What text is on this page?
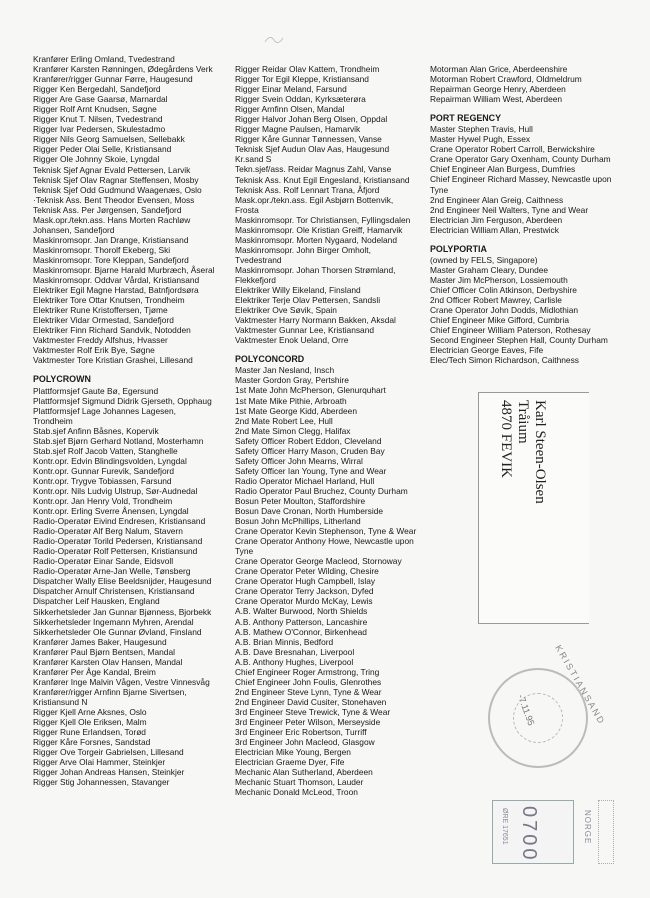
Kranfører Erling Omland, Tvedestrand
Kranfører Karsten Rønningen, Ødegårdens Verk
Kranfører/rigger Gunnar Førre, Haugesund
Rigger Ken Bergedahl, Sandefjord
Rigger Are Gase Gaarsø, Marnardal
Rigger Rolf Arnt Knudsen, Søgne
Rigger Knut T. Nilsen, Tvedestrand
Rigger Ivar Pedersen, Skulestadmo
Rigger Nils Georg Samuelsen, Sellebakk
Rigger Peder Olai Selle, Kristiansand
Rigger Ole Johnny Skoie, Lyngdal
Teknisk Sjef Agnar Evald Pettersen, Larvik
Teknisk Sjef Olav Ragnar Steffensen, Mosby
Teknisk Sjef Odd Gudmund Waagenæs, Oslo
·Teknisk Ass. Bent Theodor Evensen, Moss
Teknisk Ass. Per Jørgensen, Sandefjord
Mask.opr./tekn.ass. Hans Morten Rachløw
Johansen, Sandefjord
Maskinromsopr. Jan Drange, Kristiansand
Maskinromsopr. Thorolf Ekeberg, Ski
Maskinromsopr. Tore Kleppan, Sandefjord
Maskinromsopr. Bjarne Harald Murbræch, Åseral
Maskinromsopr. Oddvar Vårdal, Kristiansand
Elektriker Egil Magne Harstad, Batnfjordsøra
Elektriker Tore Ottar Knutsen, Trondheim
Elektriker Rune Kristoffersen, Tjøme
Elektriker Vidar Ormestad, Sandefjord
Elektriker Finn Richard Sandvik, Notodden
Vaktmester Freddy Alfshus, Hvasser
Vaktmester Rolf Erik Bye, Søgne
Vaktmester Tore Kristian Grashei, Lillesand
POLYCROWN
Plattformsjef Gaute Bø, Egersund
Plattformsjef Sigmund Didrik Gjerseth, Opphaug
Plattformsjef Lage Johannes Lagesen,
Trondheim
Stab.sjef Anfinn Båsnes, Kopervik
Stab.sjef Bjørn Gerhard Notland, Mosterhamn
Stab.sjef Rolf Jacob Vatten, Stanghelle
Kontr.opr. Edvin Blindingsvolden, Lyngdal
Kontr.opr. Gunnar Furevik, Sandefjord
Kontr.opr. Trygve Tobiassen, Farsund
Kontr.opr. Nils Ludvig Ulstrup, Sør-Audnedal
Kontr.opr. Jan Henry Vold, Trondheim
Kontr.opr. Erling Sverre Ånensen, Lyngdal
Radio-Operatør Eivind Endresen, Kristiansand
Radio-Operatør Alf Berg Nalum, Stavern
Radio-Operatør Torild Pedersen, Kristiansand
Radio-Operatør Rolf Pettersen, Kristiansund
Radio-Operatør Einar Sande, Eidsvoll
Radio-Operatør Arne-Jan Welle, Tønsberg
Dispatcher Wally Elise Beeldsnijder, Haugesund
Dispatcher Arnulf Christensen, Kristiansand
Dispatcher Leif Hausken, England
Sikkerhetsleder Jan Gunnar Bjønness, Bjorbekk
Sikkerhetsleder Ingemann Myhren, Arendal
Sikkerhetsleder Ole Gunnar Øvland, Finsland
Kranfører James Baker, Haugesund
Kranfører Paul Bjørn Bentsen, Mandal
Kranfører Karsten Olav Hansen, Mandal
Kranfører Per Åge Kandal, Breim
Kranfører Inge Malvin Vågen, Vestre Vinnesvåg
Kranfører/rigger Arnfinn Bjarne Sivertsen,
Kristiansund N
Rigger Kjell Arne Aksnes, Oslo
Rigger Kjell Ole Eriksen, Malm
Rigger Rune Erlandsen, Torød
Rigger Kåre Forsnes, Sandstad
Rigger Ove Torgeir Gabrielsen, Lillesand
Rigger Arve Olai Hammer, Steinkjer
Rigger Johan Andreas Hansen, Steinkjer
Rigger Stig Johannessen, Stavanger
Rigger Reidar Olav Kattem, Trondheim
Rigger Tor Egil Kleppe, Kristiansand
Rigger Einar Meland, Farsund
Rigger Svein Oddan, Kyrksæterøra
Rigger Arnfinn Olsen, Mandal
Rigger Halvor Johan Berg Olsen, Oppdal
Rigger Magne Paulsen, Hamarvik
Rigger Kåre Gunnar Tønnessen, Vanse
Teknisk Sjef Audun Olav Aas, Haugesund
Kr.sand S
Tekn.sjef/ass. Reidar Magnus Zahl, Vanse
Teknisk Ass. Knut Egil Engesland, Kristiansand
Teknisk Ass. Rolf Lennart Trana, Åfjord
Mask.opr./tekn.ass. Egil Asbjørn Bottenvik,
Frosta
Maskinromsopr. Tor Christiansen, Fyllingsdalen
Maskinromsopr. Ole Kristian Greiff, Hamarvik
Maskinromsopr. Morten Nygaard, Nodeland
Maskinromsopr. John Birger Omholt,
Tvedestrand
Maskinromsopr. Johan Thorsen Strømland,
Flekkefjord
Elektriker Willy Eikeland, Finsland
Elektriker Terje Olav Pettersen, Sandsli
Elektriker Ove Søvik, Spain
Vaktmester Harry Normann Bakken, Aksdal
Vaktmester Gunnar Lee, Kristiansand
Vaktmester Enok Ueland, Orre
POLYCONCORD
Master Jan Nesland, Insch
Master Gordon Gray, Pertshire
1st Mate John McPherson, Glenurquhart
1st Mate Mike Pithie, Arbroath
1st Mate George Kidd, Aberdeen
2nd Mate Robert Lee, Hull
2nd Mate Simon Clegg, Halifax
Safety Officer Robert Eddon, Cleveland
Safety Officer Harry Mason, Cruden Bay
Safety Officer John Mearns, Wirral
Safety Officer Ian Young, Tyne and Wear
Radio Operator Michael Harland, Hull
Radio Operator Paul Bruchez, County Durham
Bosun Peter Moulton, Staffordshire
Bosun Dave Cronan, North Humberside
Bosun John McPhillips, Litherland
Crane Operator Kevin Stephenson, Tyne & Wear
Crane Operator Anthony Howe, Newcastle upon
Tyne
Crane Operator George Macleod, Stornoway
Crane Operator Peter Wilding, Chesire
Crane Operator Hugh Campbell, Islay
Crane Operator Terry Jackson, Dyfed
Crane Operator Murdo McKay, Lewis
A.B. Walter Burwood, North Shields
A.B. Anthony Patterson, Lancashire
A.B. Mathew O'Connor, Birkenhead
A.B. Brian Minnis, Bedford
A.B. Dave Bresnahan, Liverpool
A.B. Anthony Hughes, Liverpool
Chief Engineer Roger Armstrong, Tring
Chief Engineer John Foulis, Glenrothes
2nd Engineer Steve Lynn, Tyne & Wear
2nd Engineer David Cusiter, Stonehaven
3rd Engineer Steve Trewick, Tyne & Wear
3rd Engineer Peter Wilson, Merseyside
3rd Engineer Eric Robertson, Turriff
3rd Engineer John Macleod, Glasgow
Electrician Mike Young, Bergen
Electrician Graeme Dyer, Fife
Mechanic Alan Sutherland, Aberdeen
Mechanic Stuart Thomson, Lauder
Mechanic Donald McLeod, Troon
Motorman Alan Grice, Aberdeenshire
Motorman Robert Crawford, Oldmeldrum
Repairman George Henry, Aberdeen
Repairman William West, Aberdeen
PORT REGENCY
Master Stephen Travis, Hull
Master Hywel Pugh, Essex
Crane Operator Robert Carroll, Berwickshire
Crane Operator Gary Oxenham, County Durham
Chief Engineer Alan Burgess, Dumfries
Chief Engineer Richard Massey, Newcastle upon
Tyne
2nd Engineer Alan Greig, Caithness
2nd Engineer Neil Walters, Tyne and Wear
Electrician Jim Ferguson, Aberdeen
Electrician William Allan, Prestwick
POLYPORTIA
(owned by FELS, Singapore)
Master Graham Cleary, Dundee
Master Jim McPherson, Lossiemouth
Chief Officer Colin Atkinson, Derbyshire
2nd Officer Robert Mawrey, Carlisle
Crane Operator John Dodds, Midlothian
Chief Engineer Mike Gifford, Cumbria
Chief Engineer William Paterson, Rothesay
Second Engineer Stephen Hall, County Durham
Electrician George Eaves, Fife
Elec/Tech Simon Richardson, Caithness
Karl Steen-Olsen
Tråium
4870 FEVIK
KRISTIANSAND
-7.11.95
0700
ØRE 17651	NORGE
